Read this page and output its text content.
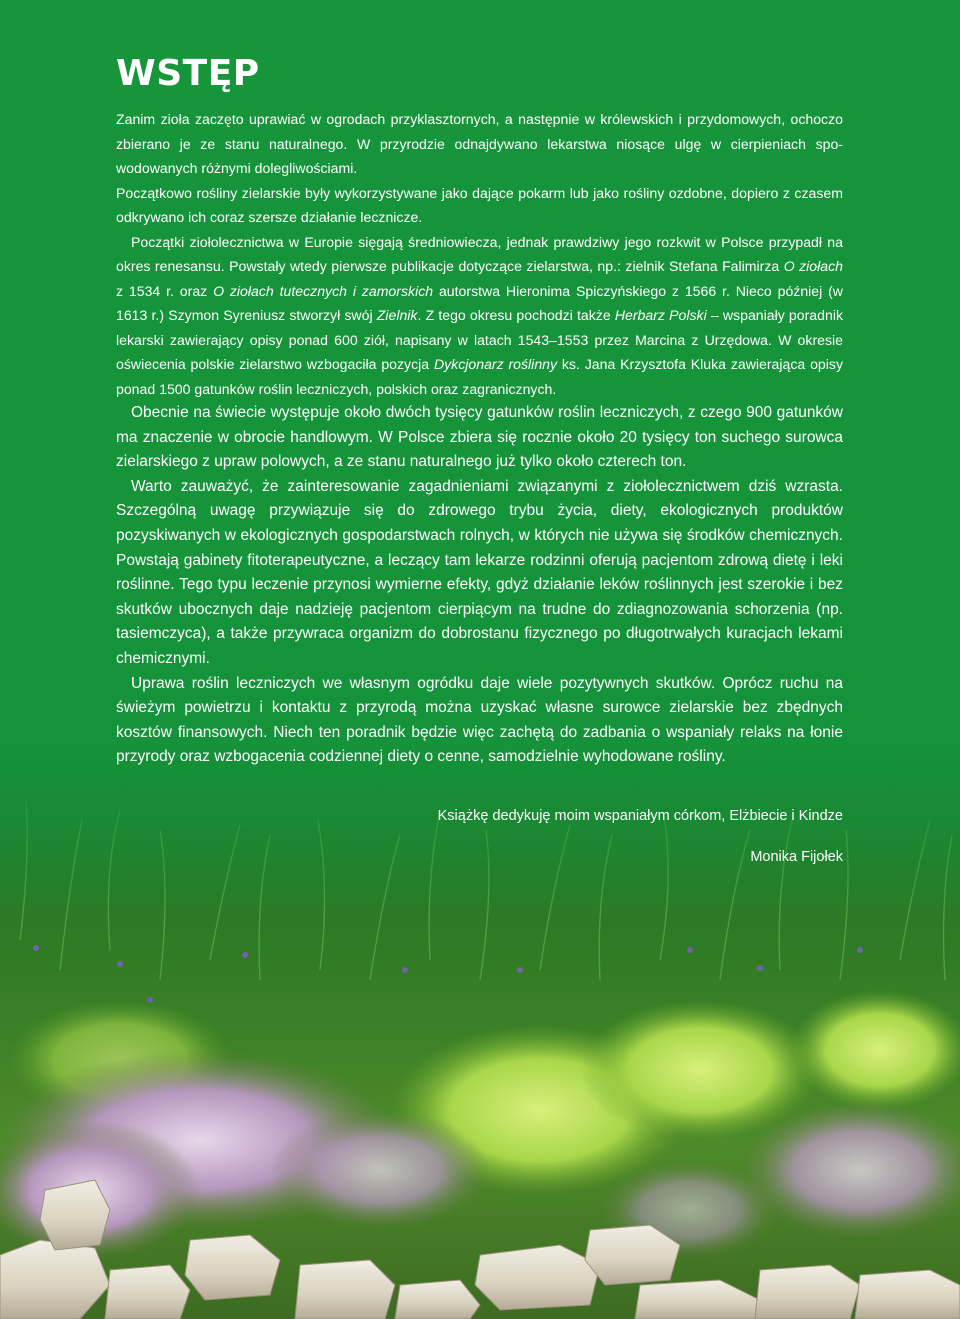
WSTĘP

Zanim zioła zaczęto uprawiać w ogrodach przyklasztornych, a następnie w królewskich i przydomowych, ochoczo zbierano je ze stanu naturalnego. W przyrodzie odnajdywano lekarstwa niosące ulgę w cierpieniach spowodowanych różnymi dolegliwościami.

Początkowo rośliny zielarskie były wykorzystywane jako dające pokarm lub jako rośliny ozdobne, dopiero z czasem odkrywano ich coraz szersze działanie lecznicze.

Początki ziołolecznictwa w Europie sięgają średniowiecza, jednak prawdziwy jego rozkwit w Polsce przypadł na okres renesansu. Powstały wtedy pierwsze publikacje dotyczące zielarstwa, np.: zielnik Stefana Falimirza O ziołach z 1534 r. oraz O ziołach tutecznych i zamorskich autorstwa Hieronima Spiczyńskiego z 1566 r. Nieco później (w 1613 r.) Szymon Syreniusz stworzył swój Zielnik. Z tego okresu pochodzi także Herbarz Polski – wspaniały poradnik lekarski zawierający opisy ponad 600 ziół, napisany w latach 1543–1553 przez Marcina z Urzędowa. W okresie oświecenia polskie zielarstwo wzbogaciła pozycja Dykcjonarz roślinny ks. Jana Krzysztofa Kluka zawierająca opisy ponad 1500 gatunków roślin leczniczych, polskich oraz zagranicznych.

Obecnie na świecie występuje około dwóch tysięcy gatunków roślin leczniczych, z czego 900 gatunków ma znaczenie w obrocie handlowym. W Polsce zbiera się rocznie około 20 tysięcy ton suchego surowca zielarskiego z upraw polowych, a ze stanu naturalnego już tylko około czterech ton.

Warto zauważyć, że zainteresowanie zagadnieniami związanymi z ziołolecznictwem dziś wzrasta. Szczególną uwagę przywiązuje się do zdrowego trybu życia, diety, ekologicznych produktów pozyskiwanych w ekologicznych gospodarstwach rolnych, w których nie używa się środków chemicznych. Powstają gabinety fitoterapeutyczne, a leczący tam lekarze rodzinni oferują pacjentom zdrową dietę i leki roślinne. Tego typu leczenie przynosi wymierne efekty, gdyż działanie leków roślinnych jest szerokie i bez skutków ubocznych daje nadzieję pacjentom cierpiącym na trudne do zdiagnozowania schorzenia (np. tasiemczyca), a także przywraca organizm do dobrostanu fizycznego po długotrwałych kuracjach lekami chemicznymi.

Uprawa roślin leczniczych we własnym ogródku daje wiele pozytywnych skutków. Oprócz ruchu na świeżym powietrzu i kontaktu z przyrodą można uzyskać własne surowce zielarskie bez zbędnych kosztów finansowych. Niech ten poradnik będzie więc zachętą do zadbania o wspaniały relaks na łonie przyrody oraz wzbogacenia codziennej diety o cenne, samodzielnie wyhodowane rośliny.

Książkę dedykuję moim wspaniałym córkom, Elżbiecie i Kindze

Monika Fijołek
